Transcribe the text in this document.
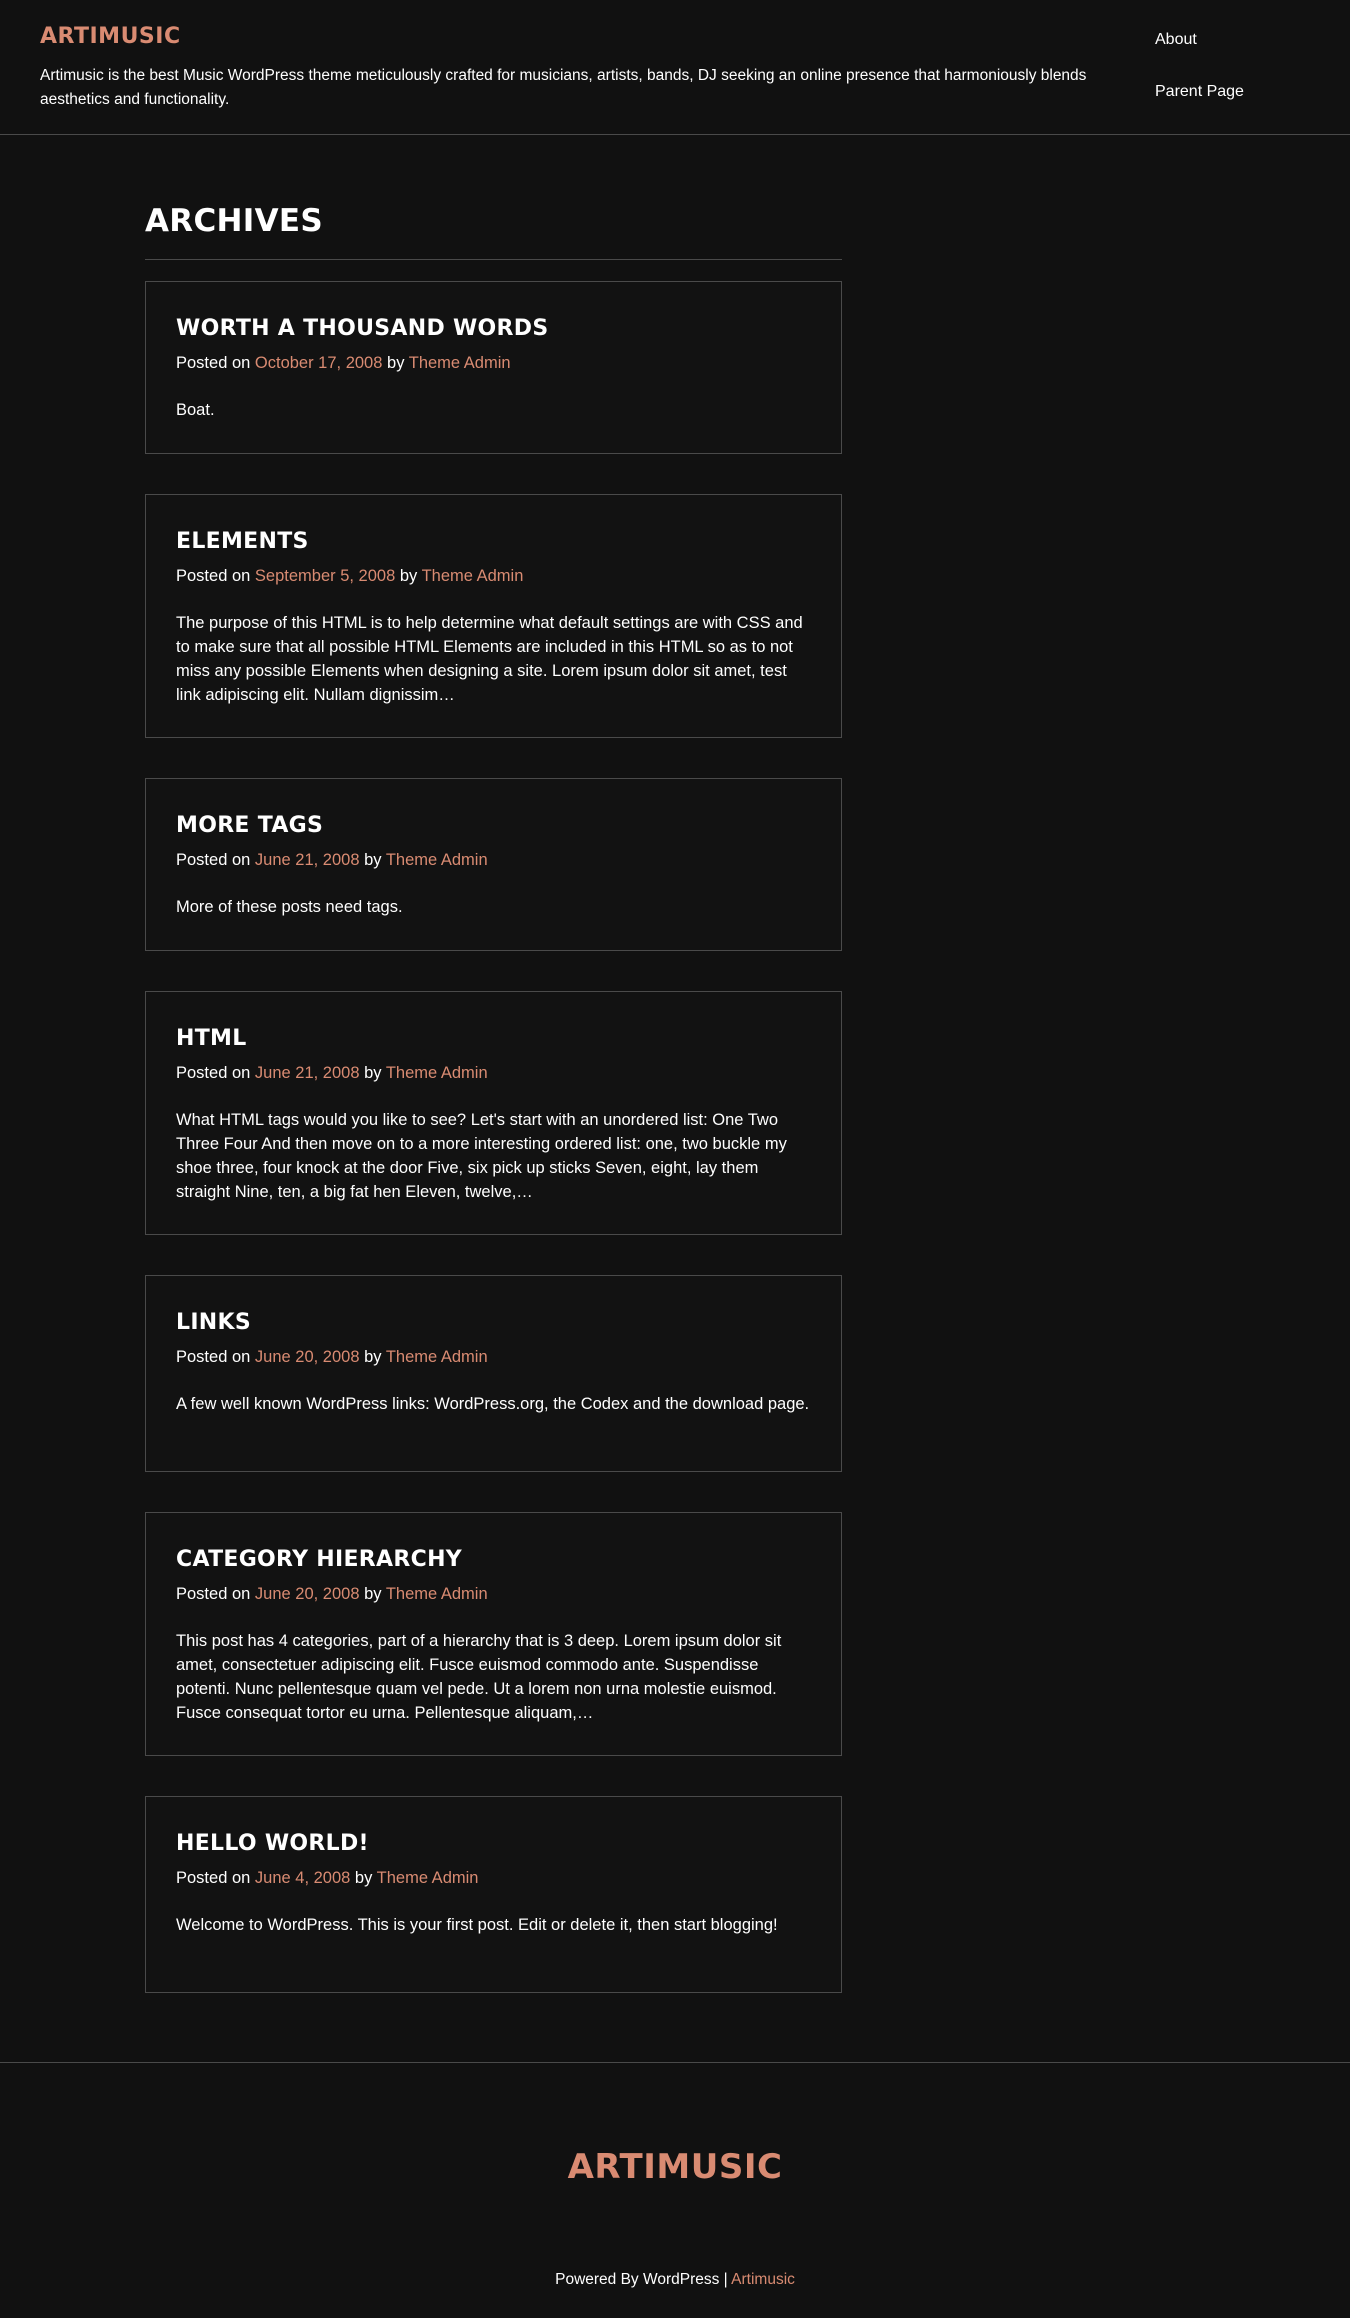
ARTIMUSIC

Artimusic is the best Music WordPress theme meticulously crafted for musicians, artists, bands, DJ seeking an online presence that harmoniously blends aesthetics and functionality.

About
Parent Page
ARCHIVES
WORTH A THOUSAND WORDS
Posted on October 17, 2008 by Theme Admin

Boat.

ELEMENTS
Posted on September 5, 2008 by Theme Admin

The purpose of this HTML is to help determine what default settings are with CSS and to make sure that all possible HTML Elements are included in this HTML so as to not miss any possible Elements when designing a site. Lorem ipsum dolor sit amet, test link adipiscing elit. Nullam dignissim…

MORE TAGS
Posted on June 21, 2008 by Theme Admin

More of these posts need tags.

HTML
Posted on June 21, 2008 by Theme Admin

What HTML tags would you like to see? Let's start with an unordered list: One Two Three Four And then move on to a more interesting ordered list: one, two buckle my shoe three, four knock at the door Five, six pick up sticks Seven, eight, lay them straight Nine, ten, a big fat hen Eleven, twelve,…

LINKS
Posted on June 20, 2008 by Theme Admin

A few well known WordPress links: WordPress.org, the Codex and the download page.

CATEGORY HIERARCHY
Posted on June 20, 2008 by Theme Admin

This post has 4 categories, part of a hierarchy that is 3 deep. Lorem ipsum dolor sit amet, consectetuer adipiscing elit. Fusce euismod commodo ante. Suspendisse potenti. Nunc pellentesque quam vel pede. Ut a lorem non urna molestie euismod. Fusce consequat tortor eu urna. Pellentesque aliquam,…

HELLO WORLD!
Posted on June 4, 2008 by Theme Admin

Welcome to WordPress. This is your first post. Edit or delete it, then start blogging!

ARTIMUSIC
Powered By WordPress | Artimusic
